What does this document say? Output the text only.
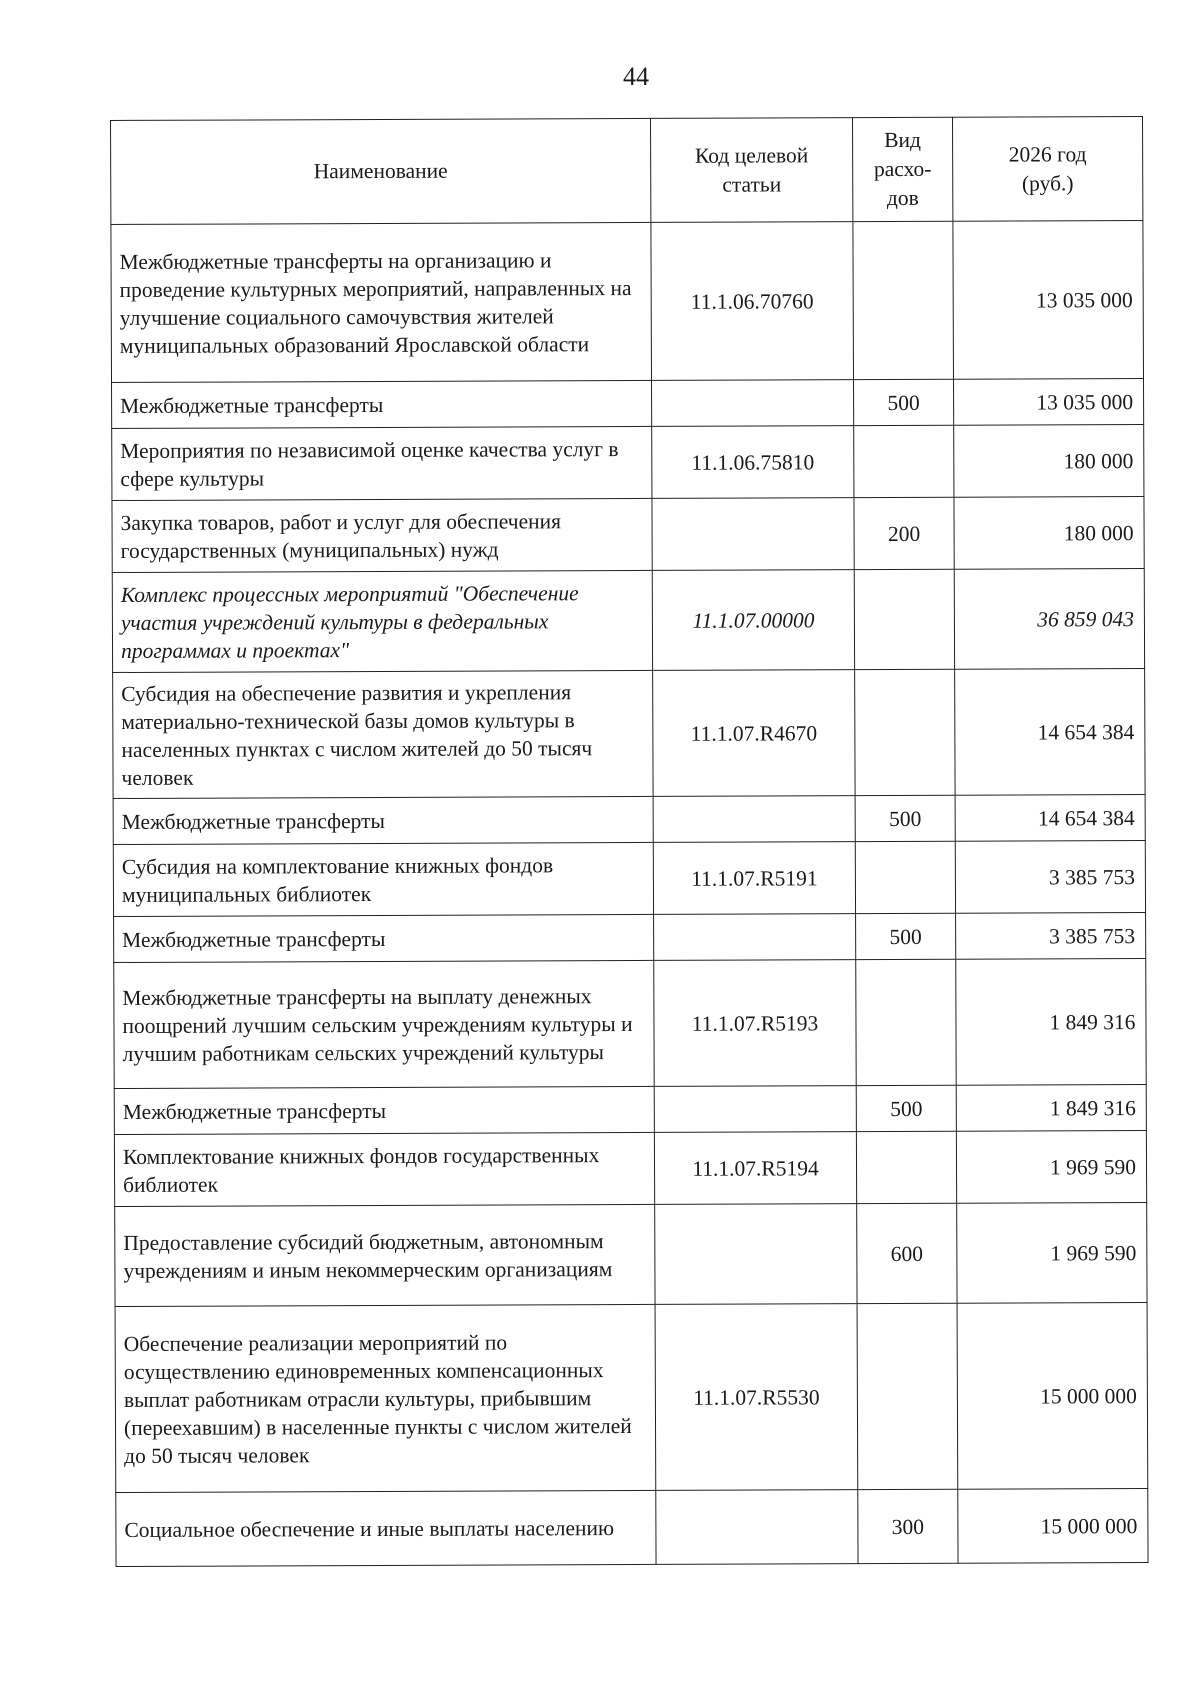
44
Наименование	Код целевой статьи	Вид расхо-дов	2026 год (руб.)
Межбюджетные трансферты на организацию и проведение культурных мероприятий, направленных на улучшение социального самочувствия жителей муниципальных образований Ярославской области	11.1.06.70760		13 035 000
Межбюджетные трансферты		500	13 035 000
Мероприятия по независимой оценке качества услуг в сфере культуры	11.1.06.75810		180 000
Закупка товаров, работ и услуг для обеспечения государственных (муниципальных) нужд		200	180 000
Комплекс процессных мероприятий "Обеспечение участия учреждений культуры в федеральных программах и проектах"	11.1.07.00000		36 859 043
Субсидия на обеспечение развития и укрепления материально-технической базы домов культуры в населенных пунктах с числом жителей до 50 тысяч человек	11.1.07.R4670		14 654 384
Межбюджетные трансферты		500	14 654 384
Субсидия на комплектование книжных фондов муниципальных библиотек	11.1.07.R5191		3 385 753
Межбюджетные трансферты		500	3 385 753
Межбюджетные трансферты на выплату денежных поощрений лучшим сельским учреждениям культуры и лучшим работникам сельских учреждений культуры	11.1.07.R5193		1 849 316
Межбюджетные трансферты		500	1 849 316
Комплектование книжных фондов государственных библиотек	11.1.07.R5194		1 969 590
Предоставление субсидий бюджетным, автономным учреждениям и иным некоммерческим организациям		600	1 969 590
Обеспечение реализации мероприятий по осуществлению единовременных компенсационных выплат работникам отрасли культуры, прибывшим (переехавшим) в населенные пункты с числом жителей до 50 тысяч человек	11.1.07.R5530		15 000 000
Социальное обеспечение и иные выплаты населению		300	15 000 000
